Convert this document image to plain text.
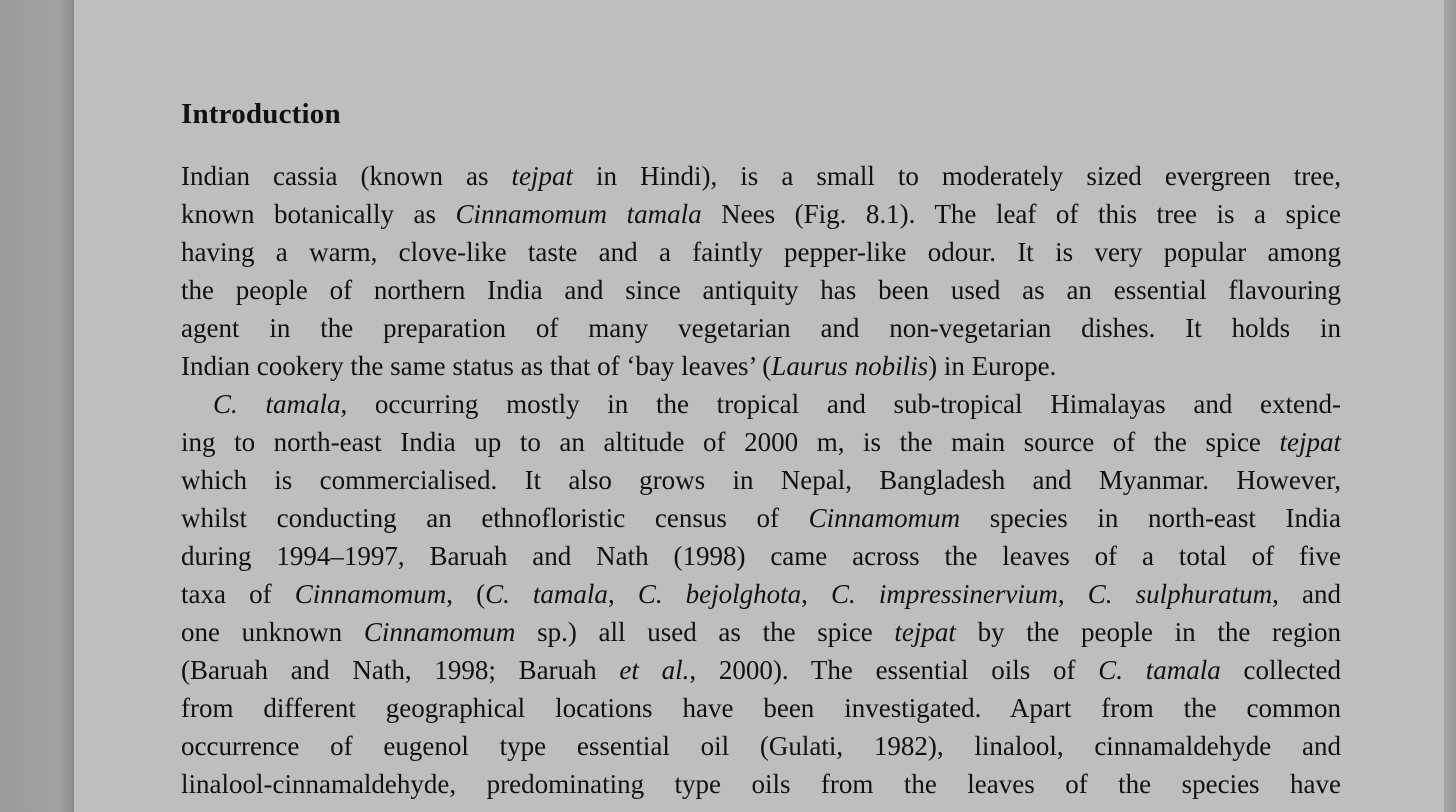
Introduction
Indian cassia (known as tejpat in Hindi), is a small to moderately sized evergreen tree,
known botanically as Cinnamomum tamala Nees (Fig. 8.1). The leaf of this tree is a spice
having a warm, clove-like taste and a faintly pepper-like odour. It is very popular among
the people of northern India and since antiquity has been used as an essential flavouring
agent in the preparation of many vegetarian and non-vegetarian dishes. It holds in
Indian cookery the same status as that of ‘bay leaves’ (Laurus nobilis) in Europe.
C. tamala, occurring mostly in the tropical and sub-tropical Himalayas and extend-
ing to north-east India up to an altitude of 2000 m, is the main source of the spice tejpat
which is commercialised. It also grows in Nepal, Bangladesh and Myanmar. However,
whilst conducting an ethnofloristic census of Cinnamomum species in north-east India
during 1994–1997, Baruah and Nath (1998) came across the leaves of a total of five
taxa of Cinnamomum, (C. tamala, C. bejolghota, C. impressinervium, C. sulphuratum, and
one unknown Cinnamomum sp.) all used as the spice tejpat by the people in the region
(Baruah and Nath, 1998; Baruah et al., 2000). The essential oils of C. tamala collected
from different geographical locations have been investigated. Apart from the common
occurrence of eugenol type essential oil (Gulati, 1982), linalool, cinnamaldehyde and
linalool-cinnamaldehyde, predominating type oils from the leaves of the species have
